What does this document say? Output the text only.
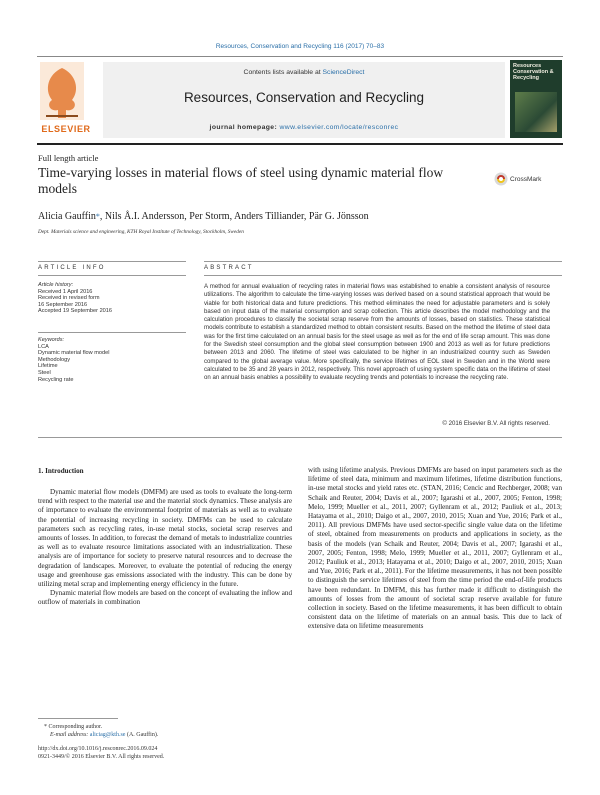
Resources, Conservation and Recycling 116 (2017) 70–83
ELSEVIER
Contents lists available at ScienceDirect
Resources, Conservation and Recycling
journal homepage: www.elsevier.com/locate/resconrec
Resources Conservation & Recycling
Full length article
Time-varying losses in material flows of steel using dynamic material flow models
CrossMark
Alicia Gauffin*, Nils Å.I. Andersson, Per Storm, Anders Tilliander, Pär G. Jönsson
Dept. Materials science and engineering, KTH Royal Institute of Technology, Stockholm, Sweden
ARTICLE INFO
Article history:
Received 1 April 2016
Received in revised form
16 September 2016
Accepted 19 September 2016
Keywords:
LCA
Dynamic material flow model
Methodology
Lifetime
Steel
Recycling rate
ABSTRACT
A method for annual evaluation of recycling rates in material flows was established to enable a consistent analysis of resource utilizations. The algorithm to calculate the time-varying losses was derived based on a sound statistical approach that would be viable for both historical data and future predictions. This method eliminates the need for adjustable parameters and is solely based on input data of the material consumption and scrap collection. This article describes the model methodology and the calculation procedures to classify the societal scrap reserve from the amounts of losses, based on statistics. These statistical models contribute to establish a standardized method to obtain consistent results. Based on the method the lifetime of steel data was for the first time calculated on an annual basis for the steel usage as well as for the end of life scrap amount. This was done for the Swedish steel consumption and the global steel consumption between 1900 and 2013 as well as for future predictions between 2013 and 2060. The lifetime of steel was calculated to be higher in an industrialized country such as Sweden compared to the global average value. More specifically, the service lifetimes of EOL steel in Sweden and in the World were calculated to be 35 and 28 years in 2012, respectively. This novel approach of using system specific data on the lifetime of steel on an annual basis enables a possibility to evaluate recycling trends and potentials to increase the recycling rate.
© 2016 Elsevier B.V. All rights reserved.
1. Introduction

Dynamic material flow models (DMFM) are used as tools to evaluate the long-term trend with respect to the material use and the material stock dynamics. These analysis are of importance to evaluate the environmental footprint of materials as well as to evaluate the potential of increasing recycling in society. DMFMs can be used to calculate parameters such as recycling rates, in-use metal stocks, societal scrap reserves and amounts of losses. In addition, to forecast the demand of metals to industrialize countries as well as to evaluate resource limitations associated with an industrialization. These analysis are of importance for society to preserve natural resources and to decrease the degradation of landscapes. Moreover, to evaluate the potential of reducing the energy usage and greenhouse gas emissions associated with the industry. This can be done by utilizing metal scrap and implementing energy efficiency in the future.

Dynamic material flow models are based on the concept of evaluating the inflow and outflow of materials in combination

with using lifetime analysis. Previous DMFMs are based on input parameters such as the lifetime of steel data, minimum and maximum lifetimes, lifetime distribution functions, in-use metal stocks and yield rates etc. (STAN, 2016; Cencic and Rechberger, 2008; van Schaik and Reuter, 2004; Davis et al., 2007; Igarashi et al., 2007, 2005; Fenton, 1998; Melo, 1999; Mueller et al., 2011, 2007; Gyllenram et al., 2012; Pauliuk et al., 2013; Hatayama et al., 2010; Daigo et al., 2007, 2010, 2015; Xuan and Yue, 2016; Park et al., 2011). All previous DMFMs have used sector-specific single value data on the lifetime of steel, obtained from measurements on products and applications in society, as the basis of the models (van Schaik and Reuter, 2004; Davis et al., 2007; Igarashi et al., 2007, 2005; Fenton, 1998; Melo, 1999; Mueller et al., 2011, 2007; Gyllenram et al., 2012; Pauliuk et al., 2013; Hatayama et al., 2010; Daigo et al., 2007, 2010, 2015; Xuan and Yue, 2016; Park et al., 2011). For the lifetime measurements, it has not been possible to distinguish the service lifetimes of steel from the time period the end-of-life products have been redundant. In DMFM, this has further made it difficult to distinguish the amounts of losses from the amount of societal scrap reserve available for future collection in society. Based on the lifetime measurements, it has been difficult to obtain consistent data on the lifetime of materials on an annual basis. This due to lack of extensive data on lifetime measurements

* Corresponding author.
E-mail address: aliciag@kth.se (A. Gauffin).
http://dx.doi.org/10.1016/j.resconrec.2016.09.024
0921-3449/© 2016 Elsevier B.V. All rights reserved.
